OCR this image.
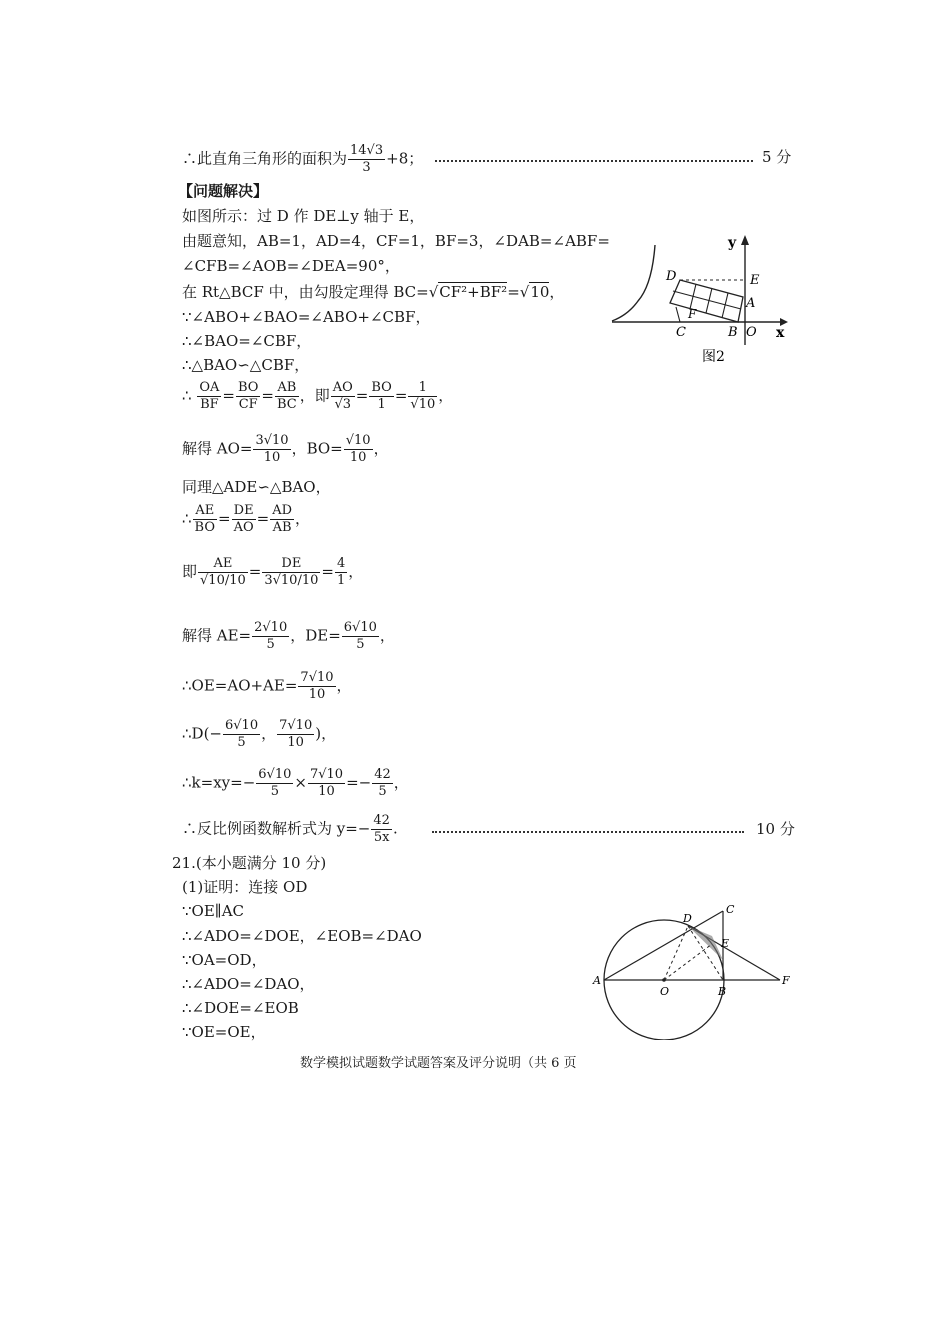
∴此直角三角形的面积为 $\frac{14√3}{3} +8$；	5 分
【问题解决】
如图所示：过 D 作 DE⊥y 轴于 E，
由题意知，AB=1，AD=4，CF=1，BF=3，∠DAB=∠ABF=
∠CFB=∠AOB=∠DEA=90°，
在 Rt△BCF 中，由勾股定理得 BC=√CF²+BF²=√10，
∵∠ABO+∠BAO=∠ABO+∠CBF，
∴∠BAO=∠CBF，
∴△BAO∽△CBF，
∴ $\frac{OA}{BF} = \frac{BO}{CF} = \frac{AB}{BC}$ ，即 $\frac{AO}{√3} = \frac{BO}{1} = \frac{1}{√10}$ ，
解得 $AO= \frac{3√10}{10}$ ，$BO= \frac{√10}{10}$ ，
同理△ADE∽△BAO，
∴ $\frac{AE}{BO} = \frac{DE}{AO} = \frac{AD}{AB}$ ，
即 $\frac{AE}{√10/10} = \frac{DE}{3√10/10} = \frac{4}{1}$ ，
解得 $AE= \frac{2√10}{5}$ ，$DE= \frac{6√10}{5}$ ，
∴OE=AO+AE= $\frac{7√10}{10}$ ，
∴D(− $\frac{6√10}{5}$ ， $\frac{7√10}{10}$ )，
∴k=xy=− $\frac{6√10}{5} \times \frac{7√10}{10} =- \frac{42}{5}$ ，
∴反比例函数解析式为 $y=- \frac{42}{5x}$ .	10 分
21.(本小题满分 10 分)
(1)证明：连接 OD
∵OE∥AC
∴∠ADO=∠DOE，∠EOB=∠DAO
∵OA=OD，
∴∠ADO=∠DAO，
∴∠DOE=∠EOB
∵OE=OE，
数学模拟试题数学试题答案及评分说明（共 6 页
y
x
D	E
A
F
C	B O
图2
A
O	B
F
D
E
C
